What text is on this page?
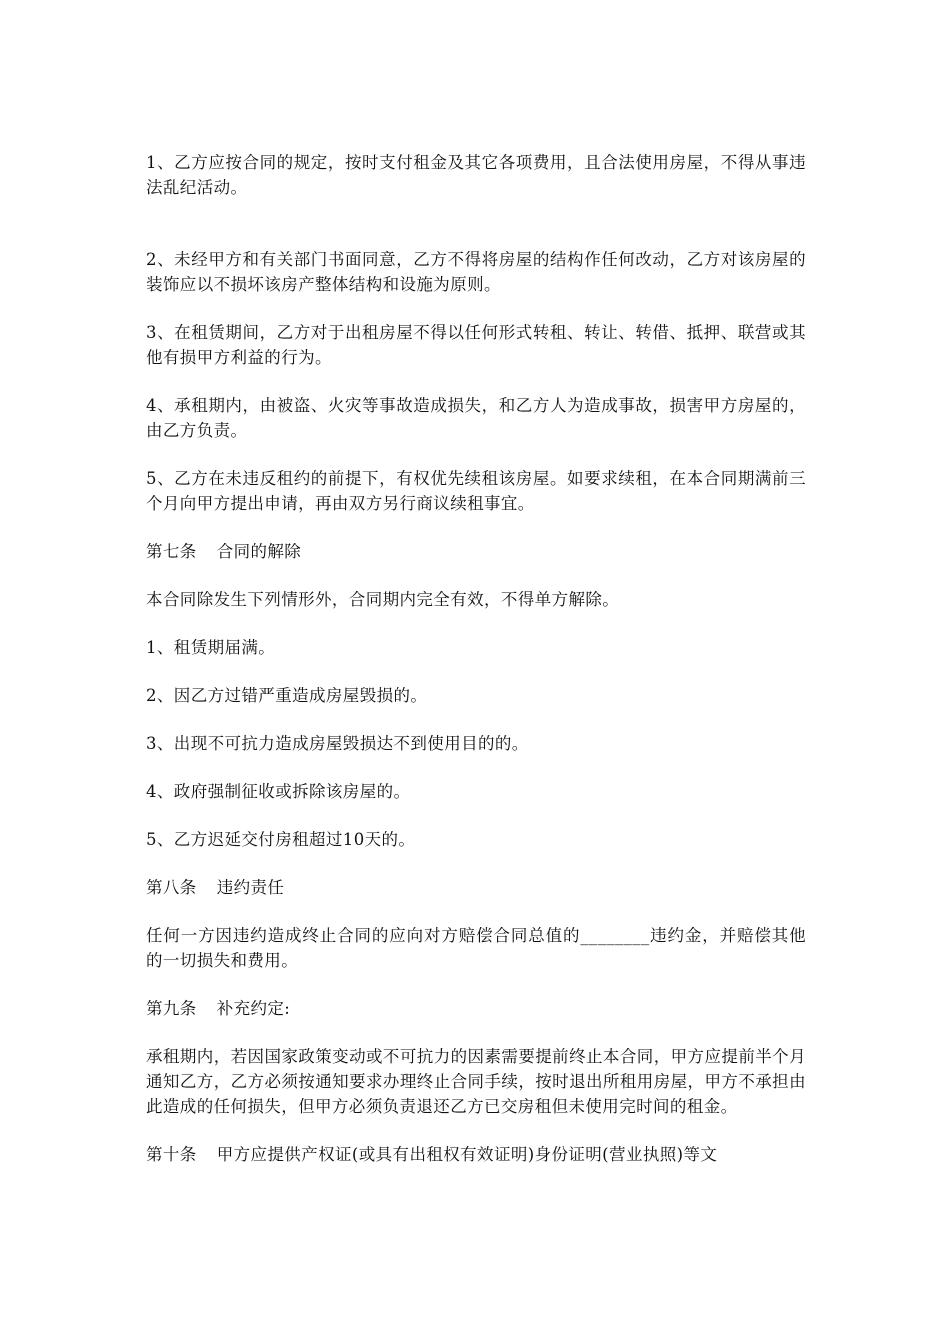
1、乙方应按合同的规定，按时支付租金及其它各项费用，且合法使用房屋，不得从事违法乱纪活动。

2、未经甲方和有关部门书面同意，乙方不得将房屋的结构作任何改动，乙方对该房屋的装饰应以不损坏该房产整体结构和设施为原则。

3、在租赁期间，乙方对于出租房屋不得以任何形式转租、转让、转借、抵押、联营或其他有损甲方利益的行为。

4、承租期内，由被盗、火灾等事故造成损失，和乙方人为造成事故，损害甲方房屋的，由乙方负责。

5、乙方在未违反租约的前提下，有权优先续租该房屋。如要求续租，在本合同期满前三个月向甲方提出申请，再由双方另行商议续租事宜。

第七条 合同的解除

本合同除发生下列情形外，合同期内完全有效，不得单方解除。

1、租赁期届满。

2、因乙方过错严重造成房屋毁损的。

3、出现不可抗力造成房屋毁损达不到使用目的的。

4、政府强制征收或拆除该房屋的。

5、乙方迟延交付房租超过10天的。

第八条 违约责任

任何一方因违约造成终止合同的应向对方赔偿合同总值的________违约金，并赔偿其他的一切损失和费用。

第九条 补充约定:

承租期内，若因国家政策变动或不可抗力的因素需要提前终止本合同，甲方应提前半个月通知乙方，乙方必须按通知要求办理终止合同手续，按时退出所租用房屋，甲方不承担由此造成的任何损失，但甲方必须负责退还乙方已交房租但未使用完时间的租金。

第十条 甲方应提供产权证(或具有出租权有效证明)身份证明(营业执照)等文
